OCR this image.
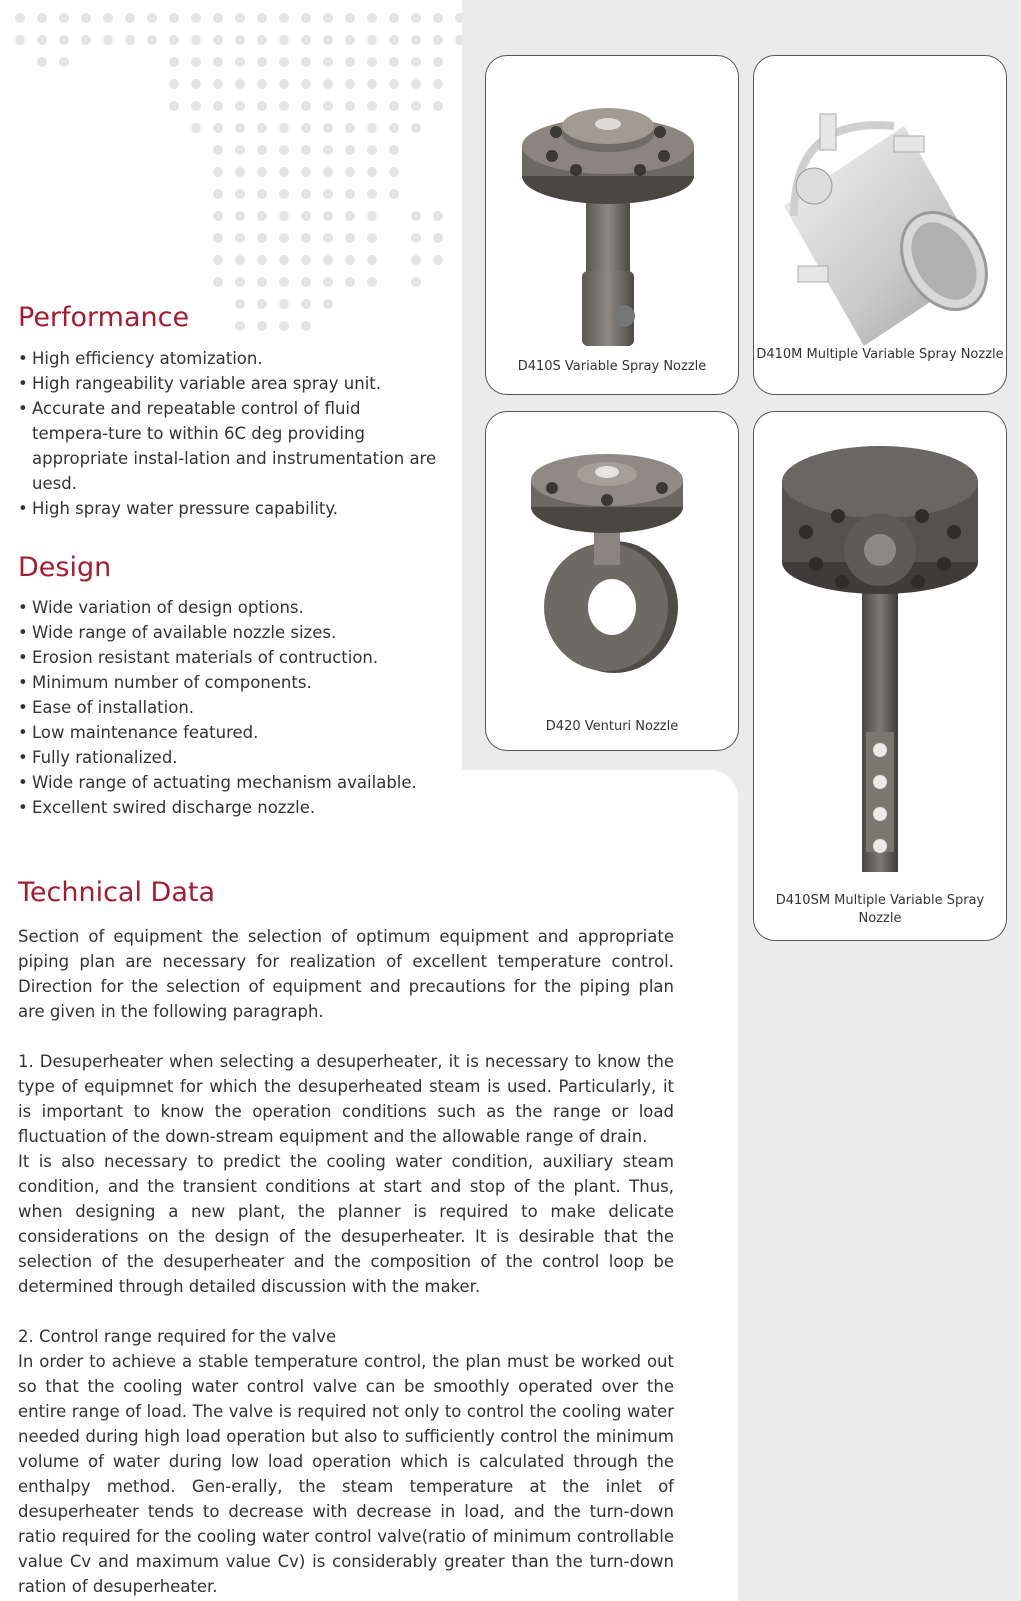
Performance
• High efficiency atomization.
• High rangeability variable area spray unit.
• Accurate and repeatable control of fluid tempera-ture to within 6C deg providing appropriate instal-lation and instrumentation are uesd.
• High spray water pressure capability.
Design
• Wide variation of design options.
• Wide range of available nozzle sizes.
• Erosion resistant materials of contruction.
• Minimum number of components.
• Ease of installation.
• Low maintenance featured.
• Fully rationalized.
• Wide range of actuating mechanism available.
• Excellent swired discharge nozzle.
Technical Data

Section of equipment the selection of optimum equipment and appropriate piping plan are necessary for realization of excellent temperature control. Direction for the selection of equipment and precautions for the piping plan are given in the following paragraph.

1. Desuperheater when selecting a desuperheater, it is necessary to know the type of equipmnet for which the desuperheated steam is used. Particularly, it is important to know the operation conditions such as the range or load fluctuation of the down-stream equipment and the allowable range of drain.

It is also necessary to predict the cooling water condition, auxiliary steam condition, and the transient conditions at start and stop of the plant. Thus, when designing a new plant, the planner is required to make delicate considerations on the design of the desuperheater. It is desirable that the selection of the desuperheater and the composition of the control loop be determined through detailed discussion with the maker.

2. Control range required for the valve

In order to achieve a stable temperature control, the plan must be worked out so that the cooling water control valve can be smoothly operated over the entire range of load. The valve is required not only to control the cooling water needed during high load operation but also to sufficiently control the minimum volume of water during low load operation which is calculated through the enthalpy method. Gen-erally, the steam temperature at the inlet of desuperheater tends to decrease with decrease in load, and the turn-down ratio required for the cooling water control valve(ratio of minimum controllable value Cv and maximum value Cv) is considerably greater than the turn-down ration of desuperheater.

D410S Variable Spray Nozzle
D410M Multiple Variable Spray Nozzle
D420 Venturi Nozzle
D410SM Multiple Variable Spray Nozzle
